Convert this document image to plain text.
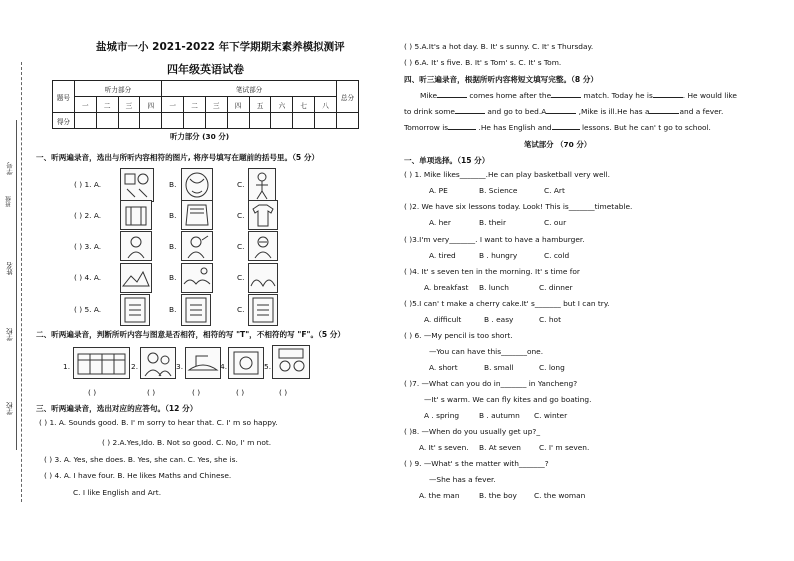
学号
班级
姓名
学校
学校
盐城市一小 2021-2022 年下学期期末素养模拟测评
四年级英语试卷
题号	听力部分				笔试部分								总分
	一	二	三	四	一	二	三	四	五	六	七	八	
得分													
听力部分 (30 分)
一、听两遍录音，选出与所听内容相符的图片, 将序号填写在题前的括号里。（5 分）
( ) 1. A.	B.	C.
( ) 2. A.	B.	C.
( ) 3. A.	B.	C.
( ) 4. A.	B.	C.
( ) 5. A.	B.	C.
二、听两遍录音，判断所听内容与图意是否相符，相符的写 "T"，不相符的写 "F"。（5 分）
1.	2.	3.	4.	5.
( )	( )	( )	( )	( )
三、听两遍录音，选出对应的应答句。（12 分）
( ) 1. A. Sounds good. B. I' m sorry to hear that. C. I' m so happy.
( ) 2.A.Yes,Ido. B. Not so good. C. No, I' m not.
( ) 3. A. Yes, she does. B. Yes, she can. C. Yes, she is.
( ) 4. A. I have four. B. He likes Maths and Chinese.
C. I like English and Art.
( ) 5.A.It's a hot day. B. It' s sunny. C. It' s Thursday.
( ) 6.A. It' s five. B. It' s Tom' s. C. It' s Tom.
四、听三遍录音，根据所听内容将短文填写完整。（8 分）
Mike	comes home after the	match. Today he is	. He would like
to drink some	and go to bed.A	,Mike is ill.He has a	and a fever.
Tomorrow is	.He has English and	lessons. But he can' t go to school.
笔试部分 （70 分）
一、单项选择。（15 分）
( ) 1. Mike likes_______.He can play basketball very well.
A. PE	B. Science	C. Art
( )2. We have six lessons today. Look! This is_______timetable.
A. her	B. their	C. our
( )3.I'm very_______. I want to have a hamburger.
A. tired	B . hungry	C. cold
( )4. It' s seven ten in the morning. It' s time for
A. breakfast B. lunch	C. dinner
( )5.I can' t make a cherry cake.It' s_______ but I can try.
A. difficult	B . easy	C. hot
( ) 6. —My pencil is too short.
—You can have this_______one.
A. short	B. small	C. long
( )7. —What can you do in_______ in Yancheng?
—It' s warm. We can fly kites and go boating.
A . spring	B . autumn C. winter
( )8. —When do you usually get up?_
A. It' s seven. B. At seven C. I' m seven.
( ) 9. —What' s the matter with_______?
—She has a fever.
A. the man	B. the boy C. the woman
